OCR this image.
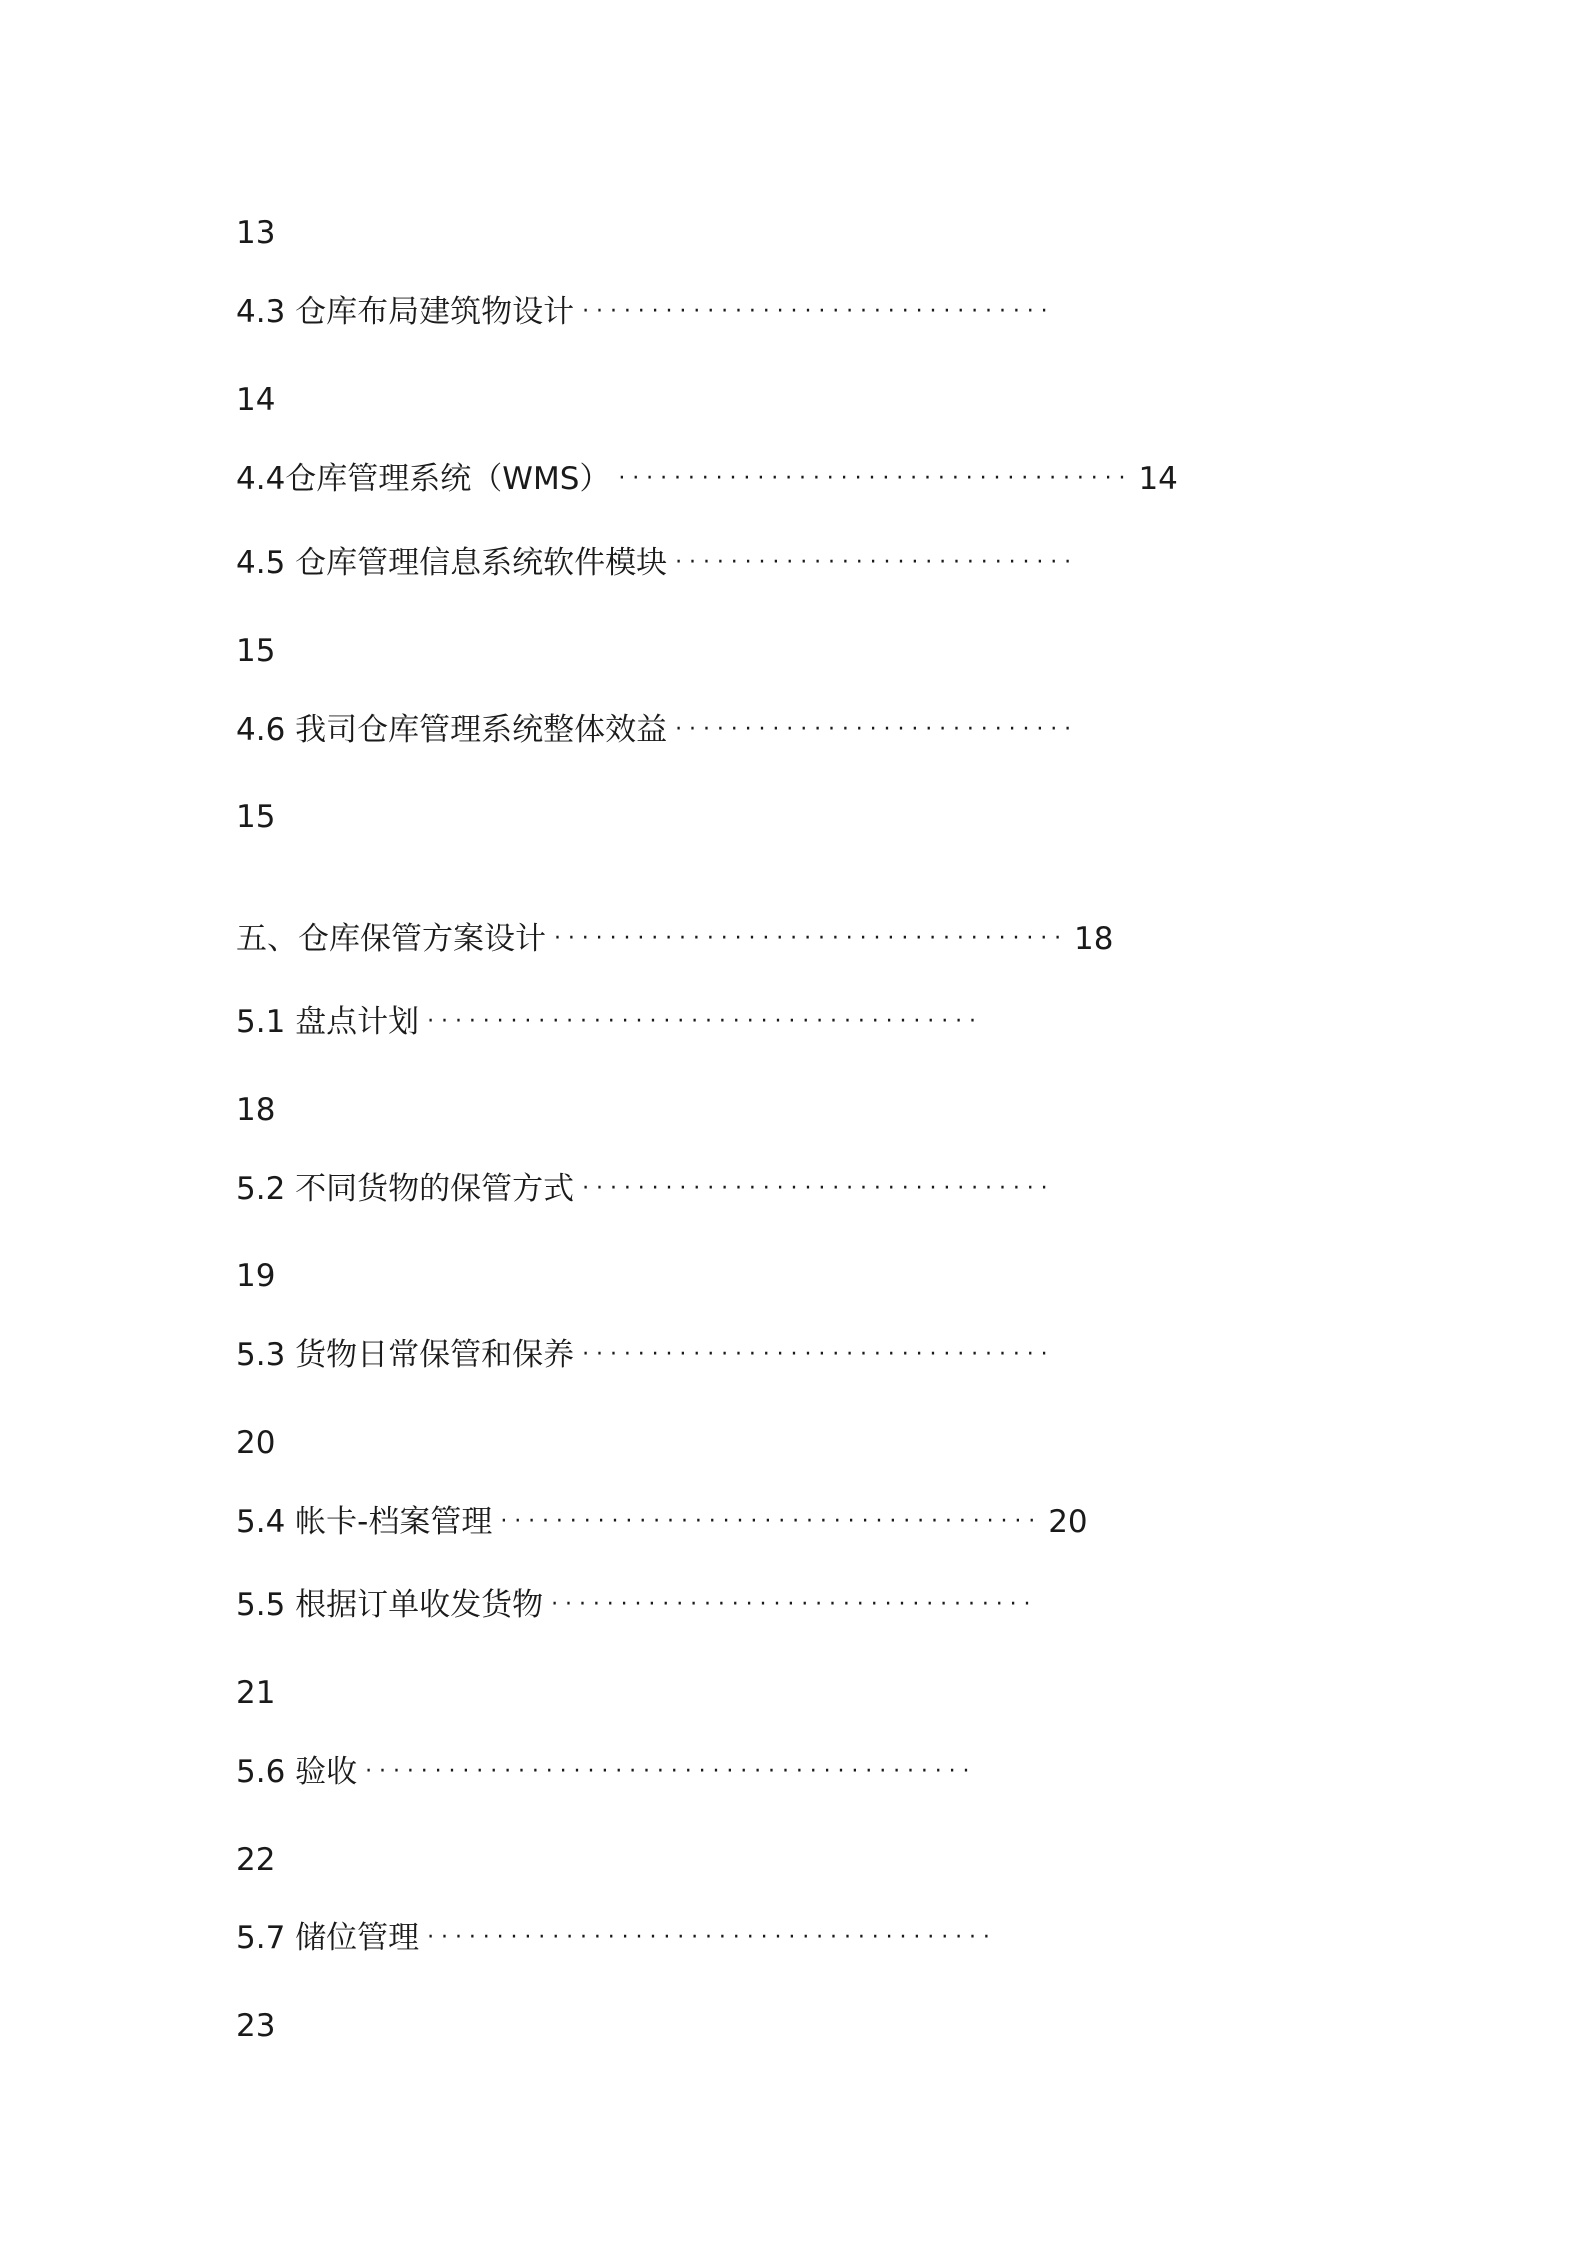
13
4.3 仓库布局建筑物设计 ··································
14
4.4仓库管理系统（WMS） ····································· 14
4.5 仓库管理信息系统软件模块 ·····························
15
4.6 我司仓库管理系统整体效益 ·····························
15
五、仓库保管方案设计 ····································· 18
5.1 盘点计划 ········································
18
5.2 不同货物的保管方式 ··································
19
5.3 货物日常保管和保养 ··································
20
5.4 帐卡-档案管理 ······································· 20
5.5 根据订单收发货物 ···································
21
5.6 验收 ············································
22
5.7 储位管理 ·········································
23
